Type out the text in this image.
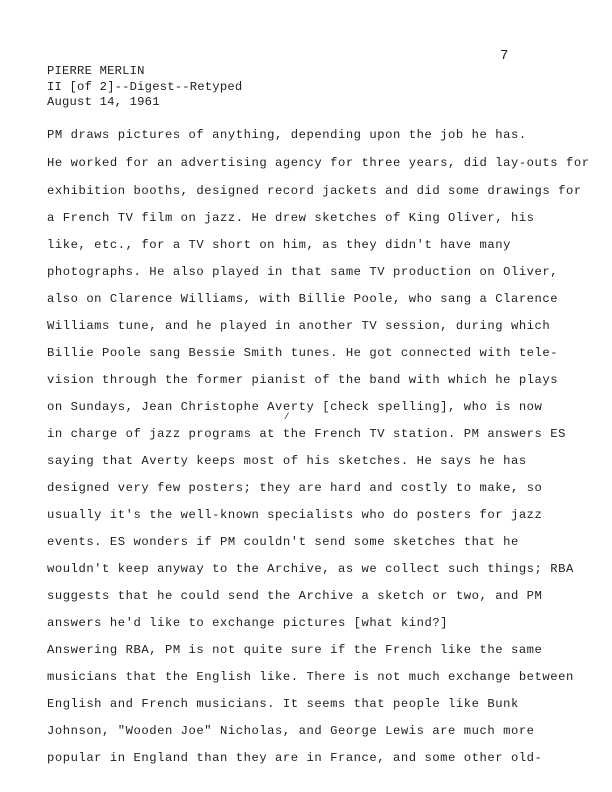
7
PIERRE MERLIN
II [of 2]--Digest--Retyped
August 14, 1961
PM draws pictures of anything, depending upon the job he has.
He worked for an advertising agency for three years, did lay-outs for
exhibition booths, designed record jackets and did some drawings for
a French TV film on jazz. He drew sketches of King Oliver, his
like, etc., for a TV short on him, as they didn't have many
photographs. He also played in that same TV production on Oliver,
also on Clarence Williams, with Billie Poole, who sang a Clarence
Williams tune, and he played in another TV session, during which
Billie Poole sang Bessie Smith tunes. He got connected with tele-
vision through the former pianist of the band with which he plays
on Sundays, Jean Christophe Averty [check spelling], who is now
/
in charge of jazz programs at the French TV station. PM answers ES
saying that Averty keeps most of his sketches. He says he has
designed very few posters; they are hard and costly to make, so
usually it's the well-known specialists who do posters for jazz
events. ES wonders if PM couldn't send some sketches that he
wouldn't keep anyway to the Archive, as we collect such things; RBA
suggests that he could send the Archive a sketch or two, and PM
answers he'd like to exchange pictures [what kind?]
Answering RBA, PM is not quite sure if the French like the same
musicians that the English like. There is not much exchange between
English and French musicians. It seems that people like Bunk
Johnson, "Wooden Joe" Nicholas, and George Lewis are much more
popular in England than they are in France, and some other old-
